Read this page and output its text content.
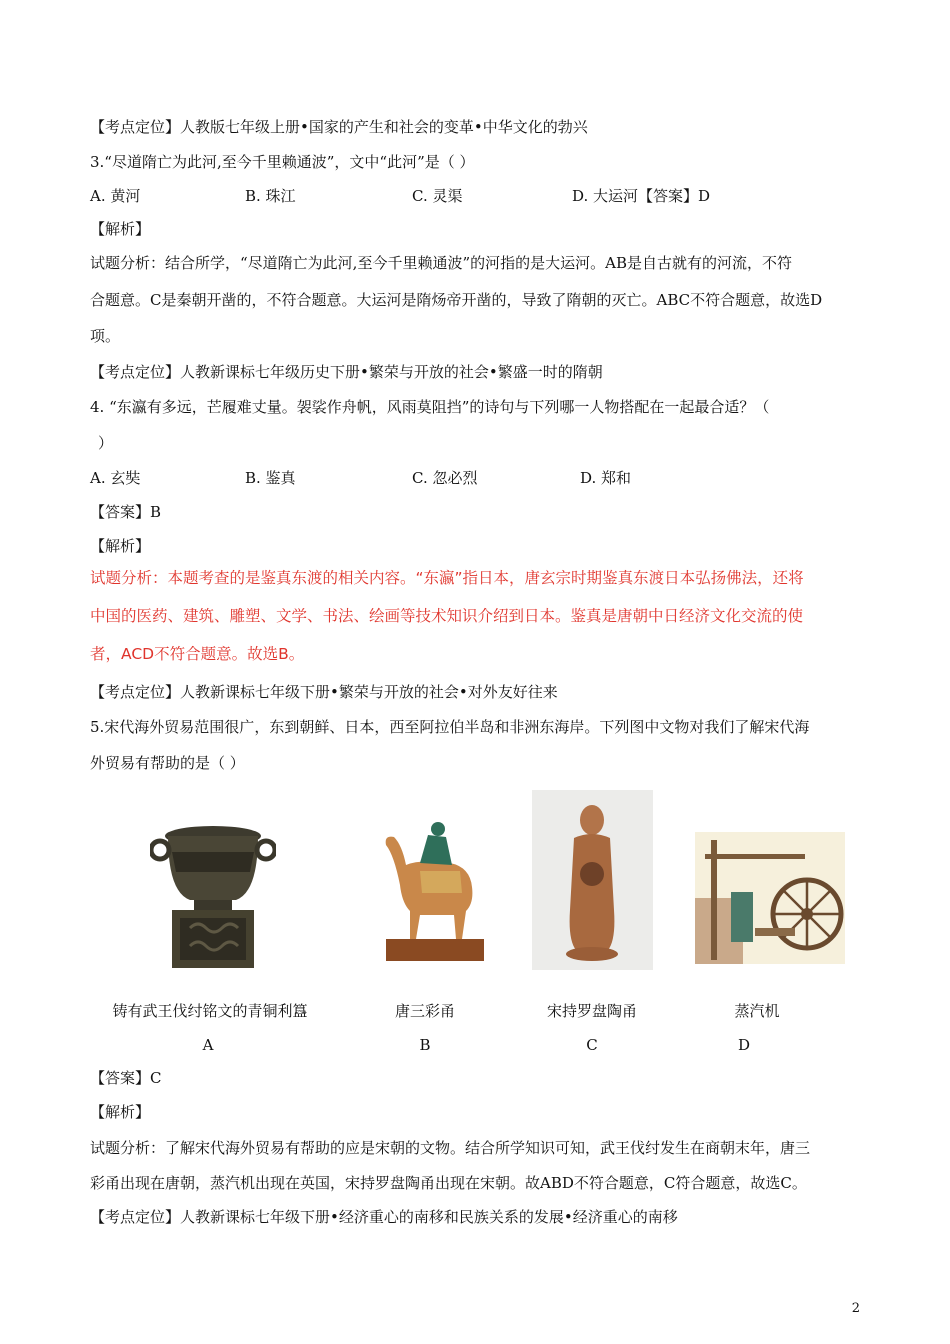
【考点定位】人教版七年级上册•国家的产生和社会的变革•中华文化的勃兴
3.“尽道隋亡为此河,至今千里赖通波”，文中“此河”是（ ）
A. 黄河	B. 珠江	C. 灵渠	D. 大运河【答案】D
【解析】
试题分析：结合所学，“尽道隋亡为此河,至今千里赖通波”的河指的是大运河。AB是自古就有的河流，不符
合题意。C是秦朝开凿的，不符合题意。大运河是隋炀帝开凿的，导致了隋朝的灭亡。ABC不符合题意，故选D
项。
【考点定位】人教新课标七年级历史下册•繁荣与开放的社会•繁盛一时的隋朝
4. “东瀛有多远，芒履难丈量。袈裟作舟帆，风雨莫阻挡”的诗句与下列哪一人物搭配在一起最合适？（
）
A. 玄奘	B. 鉴真	C. 忽必烈	D. 郑和
【答案】B
【解析】
试题分析：本题考查的是鉴真东渡的相关内容。“东瀛”指日本，唐玄宗时期鉴真东渡日本弘扬佛法，还将
中国的医药、建筑、雕塑、文学、书法、绘画等技术知识介绍到日本。鉴真是唐朝中日经济文化交流的使
者，ACD不符合题意。故选B。
【考点定位】人教新课标七年级下册•繁荣与开放的社会•对外友好往来
5.宋代海外贸易范围很广，东到朝鲜、日本，西至阿拉伯半岛和非洲东海岸。下列图中文物对我们了解宋代海
外贸易有帮助的是（ ）
铸有武王伐纣铭文的青铜利簋	唐三彩甬	宋持罗盘陶甬	蒸汽机
A	B	C	D
【答案】C
【解析】
试题分析：了解宋代海外贸易有帮助的应是宋朝的文物。结合所学知识可知，武王伐纣发生在商朝末年，唐三
彩甬出现在唐朝，蒸汽机出现在英国，宋持罗盘陶甬出现在宋朝。故ABD不符合题意，C符合题意，故选C。
【考点定位】人教新课标七年级下册•经济重心的南移和民族关系的发展•经济重心的南移
2
